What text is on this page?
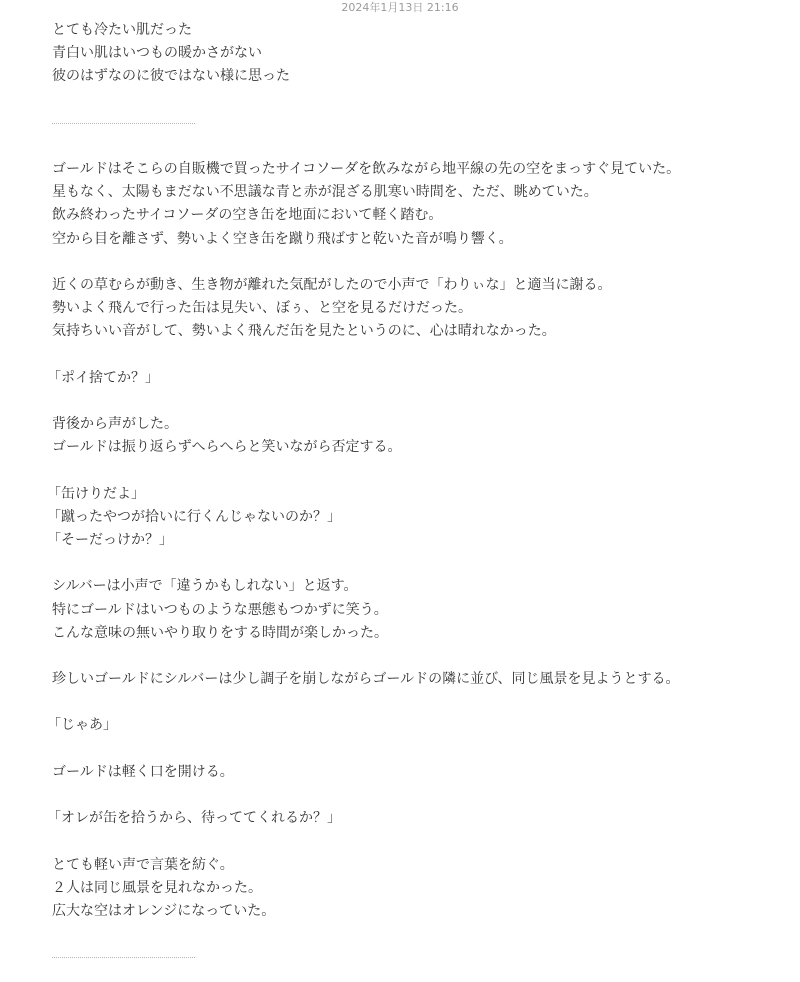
2024年1月13日 21:16
とても冷たい肌だった
青白い肌はいつもの暖かさがない
彼のはずなのに彼ではない様に思った
ゴールドはそこらの自販機で買ったサイコソーダを飲みながら地平線の先の空をまっすぐ見ていた。
星もなく、太陽もまだない不思議な青と赤が混ざる肌寒い時間を、ただ、眺めていた。
飲み終わったサイコソーダの空き缶を地面において軽く踏む。
空から目を離さず、勢いよく空き缶を蹴り飛ばすと乾いた音が鳴り響く。
近くの草むらが動き、生き物が離れた気配がしたので小声で「わりぃな」と適当に謝る。
勢いよく飛んで行った缶は見失い、ぼぅ、と空を見るだけだった。
気持ちいい音がして、勢いよく飛んだ缶を見たというのに、心は晴れなかった。
「ポイ捨てか？」
背後から声がした。
ゴールドは振り返らずへらへらと笑いながら否定する。
「缶けりだよ」
「蹴ったやつが拾いに行くんじゃないのか？」
「そーだっけか？」
シルバーは小声で「違うかもしれない」と返す。
特にゴールドはいつものような悪態もつかずに笑う。
こんな意味の無いやり取りをする時間が楽しかった。
珍しいゴールドにシルバーは少し調子を崩しながらゴールドの隣に並び、同じ風景を見ようとする。
「じゃあ」
ゴールドは軽く口を開ける。
「オレが缶を拾うから、待っててくれるか？」
とても軽い声で言葉を紡ぐ。
２人は同じ風景を見れなかった。
広大な空はオレンジになっていた。
